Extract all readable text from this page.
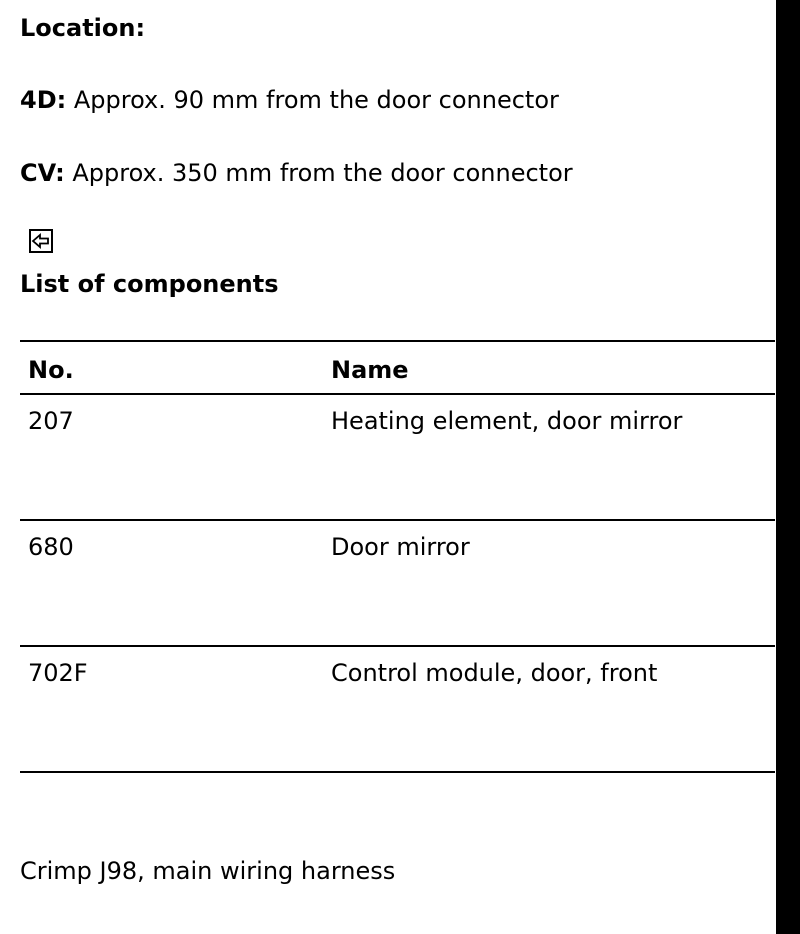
Location:
4D: Approx. 90 mm from the door connector
CV: Approx. 350 mm from the door connector
List of components
No.	Name
207	Heating element, door mirror
680	Door mirror
702F	Control module, door, front
Crimp J98, main wiring harness
